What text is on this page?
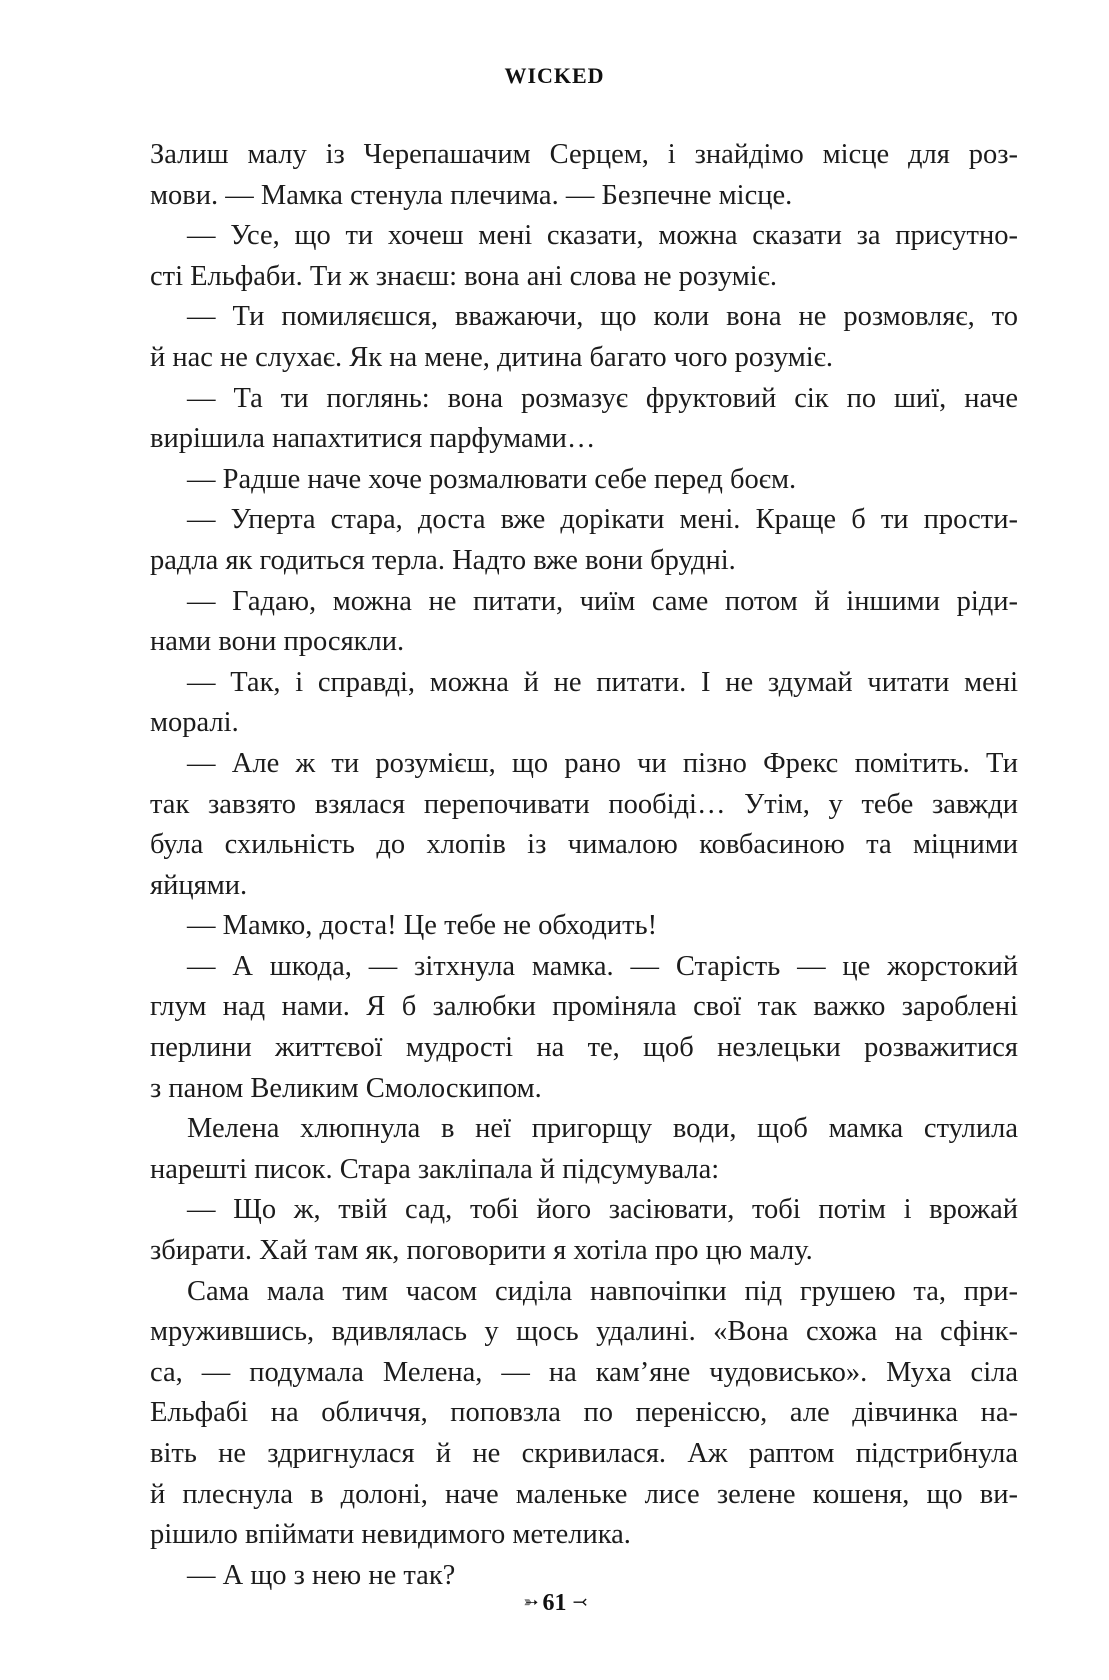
WICKED
Залиш малу із Черепашачим Серцем, і знайдімо місце для роз-
мови. — Мамка стенула плечима. — Безпечне місце.
— Усе, що ти хочеш мені сказати, можна сказати за присутно-
сті Ельфаби. Ти ж знаєш: вона ані слова не розуміє.
— Ти помиляєшся, вважаючи, що коли вона не розмовляє, то
й нас не слухає. Як на мене, дитина багато чого розуміє.
— Та ти поглянь: вона розмазує фруктовий сік по шиї, наче
вирішила напахтитися парфумами…
— Радше наче хоче розмалювати себе перед боєм.
— Уперта стара, доста вже дорікати мені. Краще б ти прости-
радла як годиться терла. Надто вже вони брудні.
— Гадаю, можна не питати, чиїм саме потом й іншими ріди-
нами вони просякли.
— Так, і справді, можна й не питати. І не здумай читати мені
моралі.
— Але ж ти розумієш, що рано чи пізно Фрекс помітить. Ти
так завзято взялася перепочивати пообіді… Утім, у тебе завжди
була схильність до хлопів із чималою ковбасиною та міцними
яйцями.
— Мамко, доста! Це тебе не обходить!
— А шкода, — зітхнула мамка. — Старість — це жорстокий
глум над нами. Я б залюбки проміняла свої так важко зароблені
перлини життєвої мудрості на те, щоб незлецьки розважитися
з паном Великим Смолоскипом.
Мелена хлюпнула в неї пригорщу води, щоб мамка стулила
нарешті писок. Стара закліпала й підсумувала:
— Що ж, твій сад, тобі його засіювати, тобі потім і врожай
збирати. Хай там як, поговорити я хотіла про цю малу.
Сама мала тим часом сиділа навпочіпки під грушею та, при-
мружившись, вдивлялась у щось удалині. «Вона схожа на сфінк-
са, — подумала Мелена, — на кам’яне чудовисько». Муха сіла
Ельфабі на обличчя, поповзла по переніссю, але дівчинка на-
віть не здригнулася й не скривилася. Аж раптом підстрибнула
й плеснула в долоні, наче маленьке лисе зелене кошеня, що ви-
рішило впіймати невидимого метелика.
— А що з нею не так?
➳ 61 ⤙
